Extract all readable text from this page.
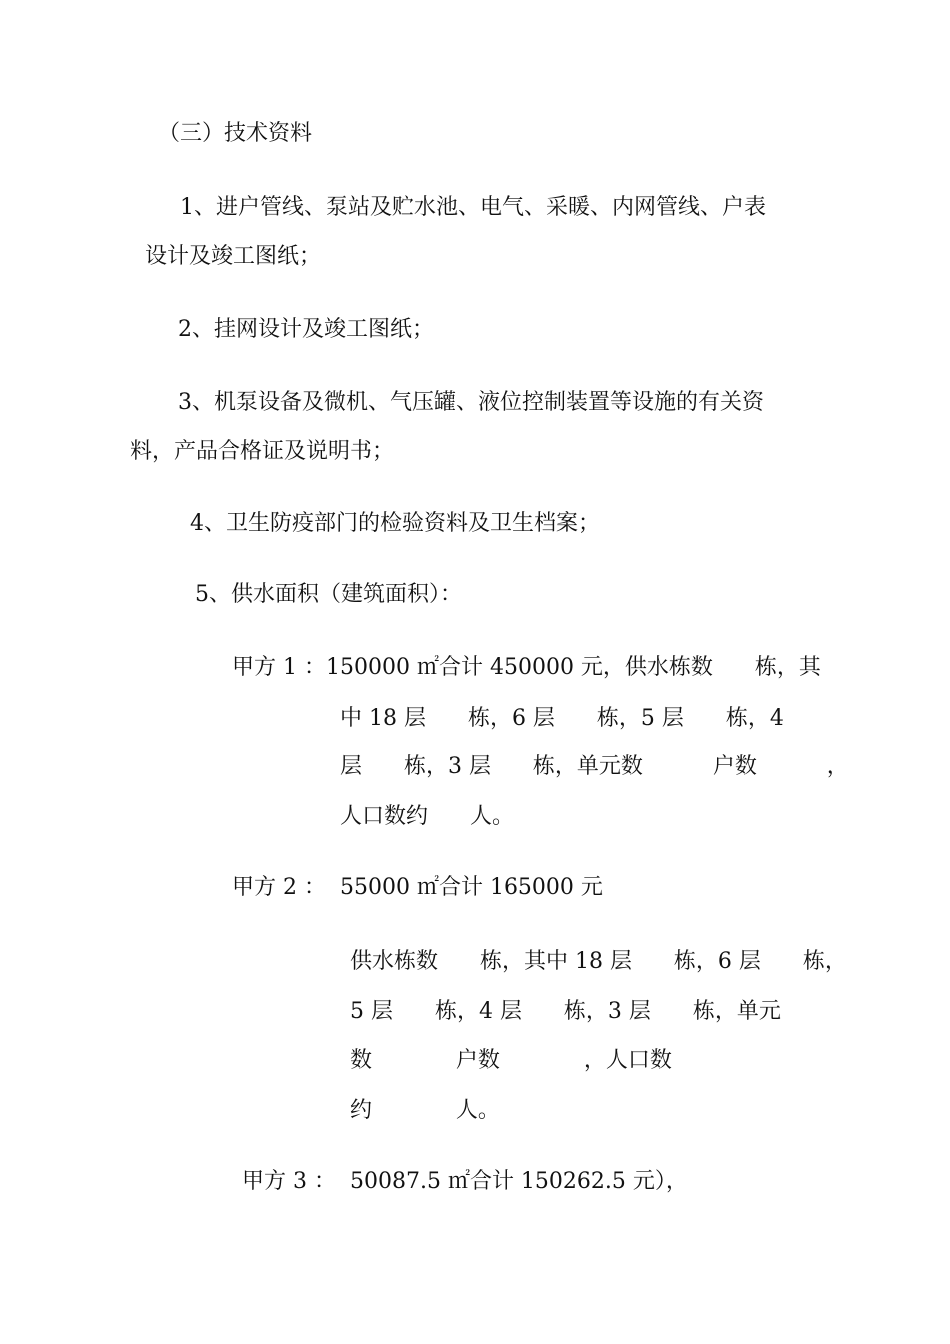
（三）技术资料

1、进户管线、泵站及贮水池、电气、采暖、内网管线、户表

设计及竣工图纸；

2、挂网设计及竣工图纸；

3、机泵设备及微机、气压罐、液位控制装置等设施的有关资

料，产品合格证及说明书；

4、卫生防疫部门的检验资料及卫生档案；

5、供水面积（建筑面积）：

甲方 1 ：150000 ㎡合计 450000 元，供水栋数      栋，其

中 18 层      栋，6 层      栋，5 层      栋，4

层      栋，3 层      栋，单元数          户数          ，

人口数约      人。

甲方 2 ：  55000 ㎡合计 165000 元

供水栋数      栋，其中 18 层      栋，6 层      栋，

5 层      栋，4 层      栋，3 层      栋，单元

数            户数            ，人口数

约            人。

甲方 3 ：  50087.5 ㎡合计 150262.5 元），
